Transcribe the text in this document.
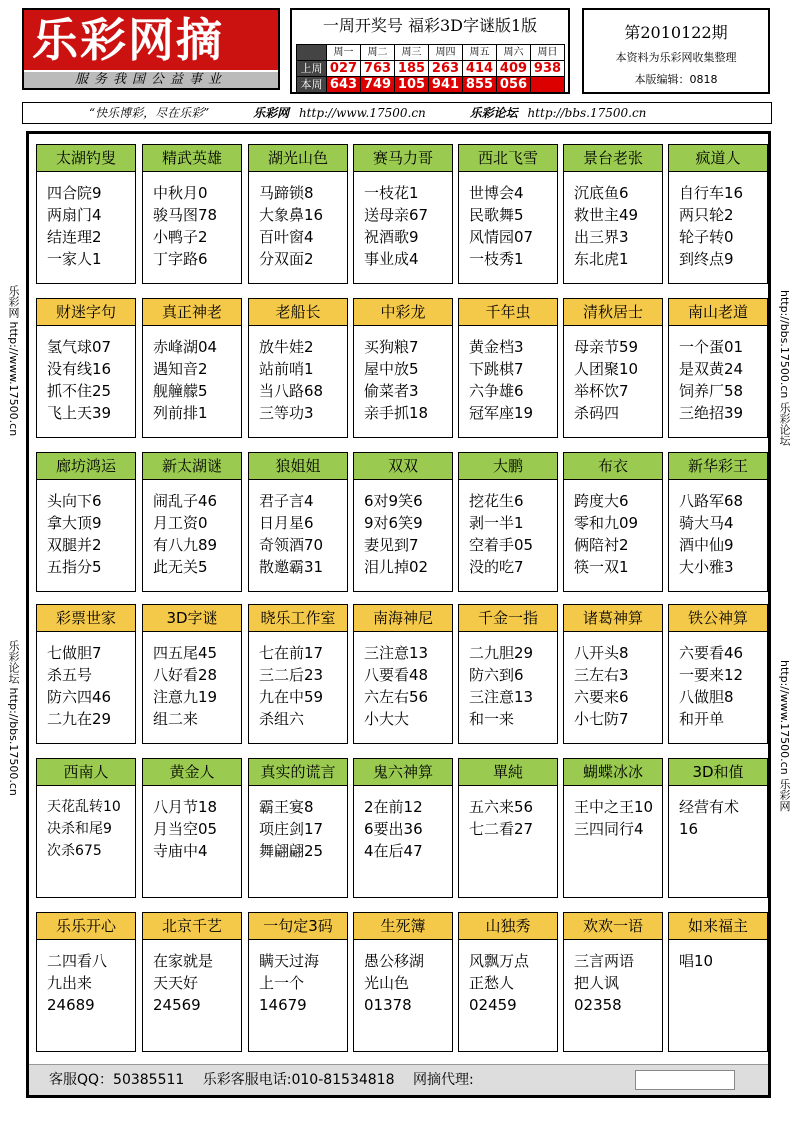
乐彩网摘
服务我国公益事业
一周开奖号 福彩3D字谜版1版
	周一	周二	周三	周四	周五	周六	周日
上周	027	763	185	263	414	409	938
本周	643	749	105	941	855	056	
第2010122期
本资料为乐彩网收集整理
本版编辑：0818
“快乐博彩，尽在乐彩”	乐彩网 http://www.17500.cn	乐彩论坛 http://bbs.17500.cn
乐彩网 http://www.17500.cn
乐彩论坛 http://bbs.17500.cn
http://bbs.17500.cn 乐彩论坛
http://www.17500.cn 乐彩网
太湖钓叟
四合院9
两扇门4
结连理2
一家人1
精武英雄
中秋月0
骏马图78
小鸭子2
丁字路6
湖光山色
马蹄锁8
大象鼻16
百叶窗4
分双面2
赛马力哥
一枝花1
送母亲67
祝酒歌9
事业成4
西北飞雪
世博会4
民歌舞5
风情园07
一枝秀1
景台老张
沉底鱼6
救世主49
出三界3
东北虎1
疯道人
自行车16
两只轮2
轮子转0
到终点9
财迷字句
氢气球07
没有线16
抓不住25
飞上天39
真正神老
赤峰湖04
遇知音2
舰艟艨5
列前排1
老船长
放牛娃2
站前哨1
当八路68
三等功3
中彩龙
买狗粮7
屋中放5
偷菜者3
亲手抓18
千年虫
黄金档3
下跳棋7
六争雄6
冠军座19
清秋居士
母亲节59
人团聚10
举杯饮7
杀码四
南山老道
一个蛋01
是双黄24
饲养厂58
三绝招39
廊坊鸿运
头向下6
拿大顶9
双腿并2
五指分5
新太湖谜
闹乱子46
月工资0
有八九89
此无关5
狼姐姐
君子言4
日月星6
奇领酒70
散邀霸31
双双
6对9笑6
9对6笑9
妻见到7
泪儿掉02
大鹏
挖花生6
剥一半1
空着手05
没的吃7
布衣
跨度大6
零和九09
俩陪衬2
筷一双1
新华彩王
八路军68
骑大马4
酒中仙9
大小雅3
彩票世家
七做胆7
杀五号
防六四46
二九在29
3D字谜
四五尾45
八好看28
注意九19
组二来
晓乐工作室
七在前17
三二后23
九在中59
杀组六
南海神尼
三注意13
八要看48
六左右56
小大大
千金一指
二九胆29
防六到6
三注意13
和一来
诸葛神算
八开头8
三左右3
六要来6
小七防7
铁公神算
六要看46
一要来12
八做胆8
和开单
西南人
天花乱转10
决杀和尾9
次杀675
黄金人
八月节18
月当空05
寺庙中4
真实的谎言
霸王宴8
项庄剑17
舞翩翩25
鬼六神算
2在前12
6要出36
4在后47
單純
五六来56
七二看27
蝴蝶冰冰
王中之王10
三四同行4
3D和值
经营有术
16
乐乐开心
二四看八
九出来
24689
北京千艺
在家就是
天天好
24569
一句定3码
瞒天过海
上一个
14679
生死簿
愚公移湖
光山色
01378
山独秀
风飘万点
正愁人
02459
欢欢一语
三言两语
把人讽
02358
如来福主
唱10
客服QQ：50385511 乐彩客服电话:010-81534818 网摘代理:
